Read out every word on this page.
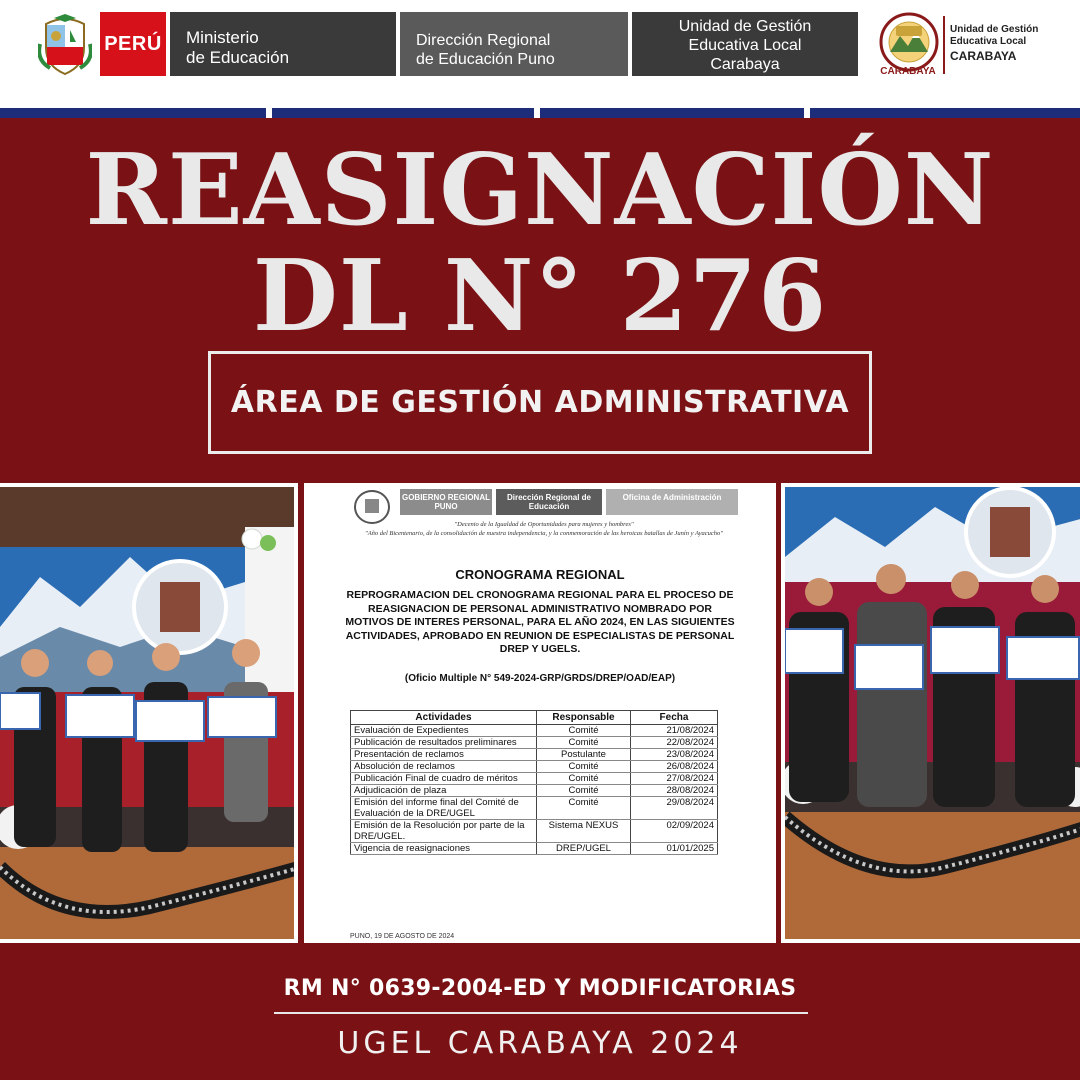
PERÚ Ministerio
de Educación
Dirección Regional
de Educación Puno
Unidad de Gestión
Educativa Local
Carabaya	CARABAYA
Unidad de Gestión
Educativa Local
CARABAYA
REASIGNACIÓN
DL N° 276
ÁREA DE GESTIÓN ADMINISTRATIVA
GOBIERNO REGIONAL PUNO
Dirección Regional de Educación
Oficina de Administración
"Decenio de la Igualdad de Oportunidades para mujeres y hombres"
"Año del Bicentenario, de la consolidación de nuestra independencia, y la conmemoración de las heroicas batallas de Junín y Ayacucho"
CRONOGRAMA REGIONAL
REPROGRAMACION DEL CRONOGRAMA REGIONAL PARA EL PROCESO DE REASIGNACION DE PERSONAL ADMINISTRATIVO NOMBRADO POR MOTIVOS DE INTERES PERSONAL, PARA EL AÑO 2024, EN LAS SIGUIENTES ACTIVIDADES, APROBADO EN REUNION DE ESPECIALISTAS DE PERSONAL DREP Y UGELS.
(Oficio Multiple N° 549-2024-GRP/GRDS/DREP/OAD/EAP)
Actividades	Responsable	Fecha
Evaluación de Expedientes	Comité	21/08/2024
Publicación de resultados preliminares	Comité	22/08/2024
Presentación de reclamos	Postulante	23/08/2024
Absolución de reclamos	Comité	26/08/2024
Publicación Final de cuadro de méritos	Comité	27/08/2024
Adjudicación de plaza	Comité	28/08/2024
Emisión del informe final del Comité de Evaluación de la DRE/UGEL	Comité	29/08/2024
Emisión de la Resolución por parte de la DRE/UGEL.	Sistema NEXUS	02/09/2024
Vigencia de reasignaciones	DREP/UGEL	01/01/2025
PUNO, 19 DE AGOSTO DE 2024
RM N° 0639-2004-ED Y MODIFICATORIAS
UGEL CARABAYA 2024
